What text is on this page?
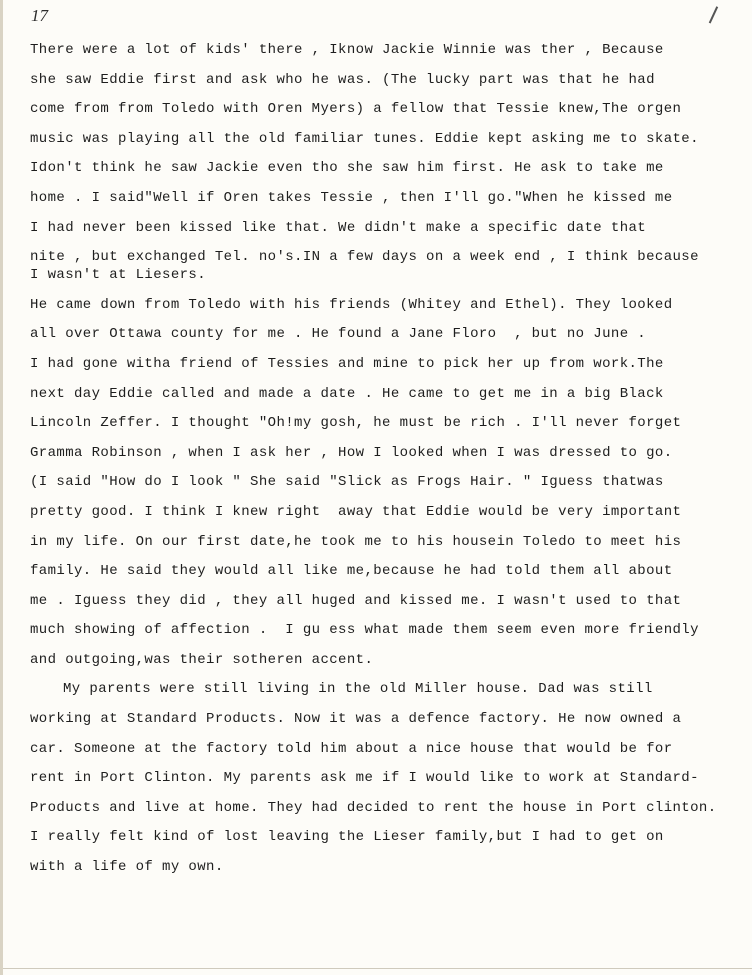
17
There were a lot of kids' there , Iknow Jackie Winnie was ther , Because
she saw Eddie first and ask who he was. (The lucky part was that he had
come from from Toledo with Oren Myers) a fellow that Tessie knew,The orgen
music was playing all the old familiar tunes. Eddie kept asking me to skate.
Idon't think he saw Jackie even tho she saw him first. He ask to take me
home . I said"Well if Oren takes Tessie , then I'll go."When he kissed me
I had never been kissed like that. We didn't make a specific date that
nite , but exchanged Tel. no's.IN a few days on a week end , I think because
I wasn't at Liesers.
He came down from Toledo with his friends (Whitey and Ethel). They looked
all over Ottawa county for me . He found a Jane Floro  , but no June .
I had gone witha friend of Tessies and mine to pick her up from work.The
next day Eddie called and made a date . He came to get me in a big Black
Lincoln Zeffer. I thought "Oh!my gosh, he must be rich . I'll never forget
Gramma Robinson , when I ask her , How I looked when I was dressed to go.
(I said "How do I look " She said "Slick as Frogs Hair. " Iguess thatwas
pretty good. I think I knew right  away that Eddie would be very important
in my life. On our first date,he took me to his housein Toledo to meet his
family. He said they would all like me,because he had told them all about
me . Iguess they did , they all huged and kissed me. I wasn't used to that
much showing of affection .  I gu ess what made them seem even more friendly
and outgoing,was their sotheren accent.
My parents were still living in the old Miller house. Dad was still
working at Standard Products. Now it was a defence factory. He now owned a
car. Someone at the factory told him about a nice house that would be for
rent in Port Clinton. My parents ask me if I would like to work at Standard-
Products and live at home. They had decided to rent the house in Port clinton.
I really felt kind of lost leaving the Lieser family,but I had to get on
with a life of my own.
